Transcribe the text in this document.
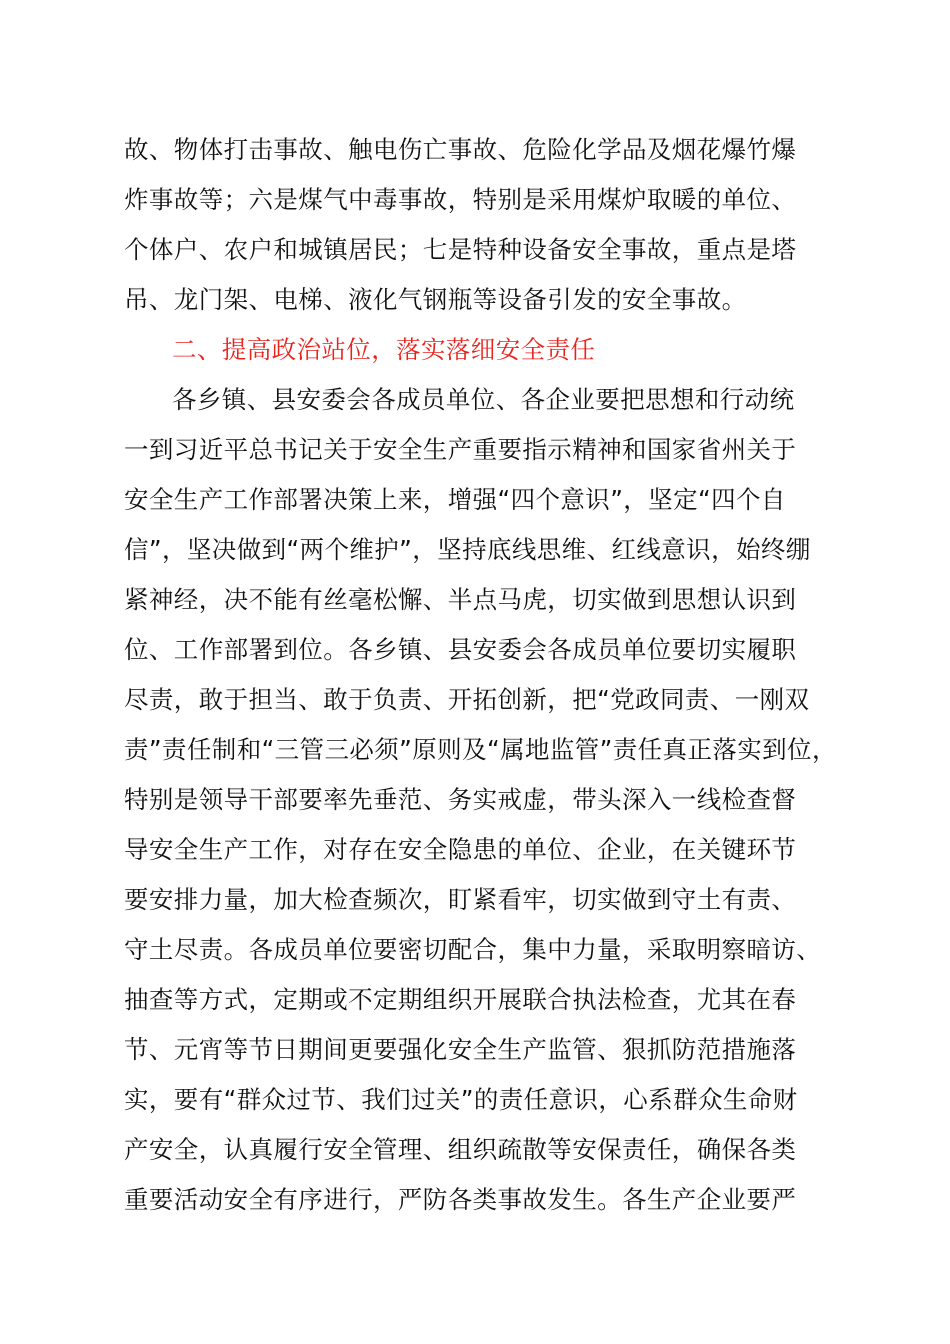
故、物体打击事故、触电伤亡事故、危险化学品及烟花爆竹爆
炸事故等；六是煤气中毒事故，特别是采用煤炉取暖的单位、
个体户、农户和城镇居民；七是特种设备安全事故，重点是塔
吊、龙门架、电梯、液化气钢瓶等设备引发的安全事故。
二、提高政治站位，落实落细安全责任
各乡镇、县安委会各成员单位、各企业要把思想和行动统
一到习近平总书记关于安全生产重要指示精神和国家省州关于
安全生产工作部署决策上来，增强“四个意识”，坚定“四个自
信”，坚决做到“两个维护”，坚持底线思维、红线意识，始终绷
紧神经，决不能有丝毫松懈、半点马虎，切实做到思想认识到
位、工作部署到位。各乡镇、县安委会各成员单位要切实履职
尽责，敢于担当、敢于负责、开拓创新，把“党政同责、一刚双
责”责任制和“三管三必须”原则及“属地监管”责任真正落实到位，
特别是领导干部要率先垂范、务实戒虚，带头深入一线检查督
导安全生产工作，对存在安全隐患的单位、企业，在关键环节
要安排力量，加大检查频次，盯紧看牢，切实做到守土有责、
守土尽责。各成员单位要密切配合，集中力量，采取明察暗访、
抽查等方式，定期或不定期组织开展联合执法检查，尤其在春
节、元宵等节日期间更要强化安全生产监管、狠抓防范措施落
实，要有“群众过节、我们过关”的责任意识，心系群众生命财
产安全，认真履行安全管理、组织疏散等安保责任，确保各类
重要活动安全有序进行，严防各类事故发生。各生产企业要严
